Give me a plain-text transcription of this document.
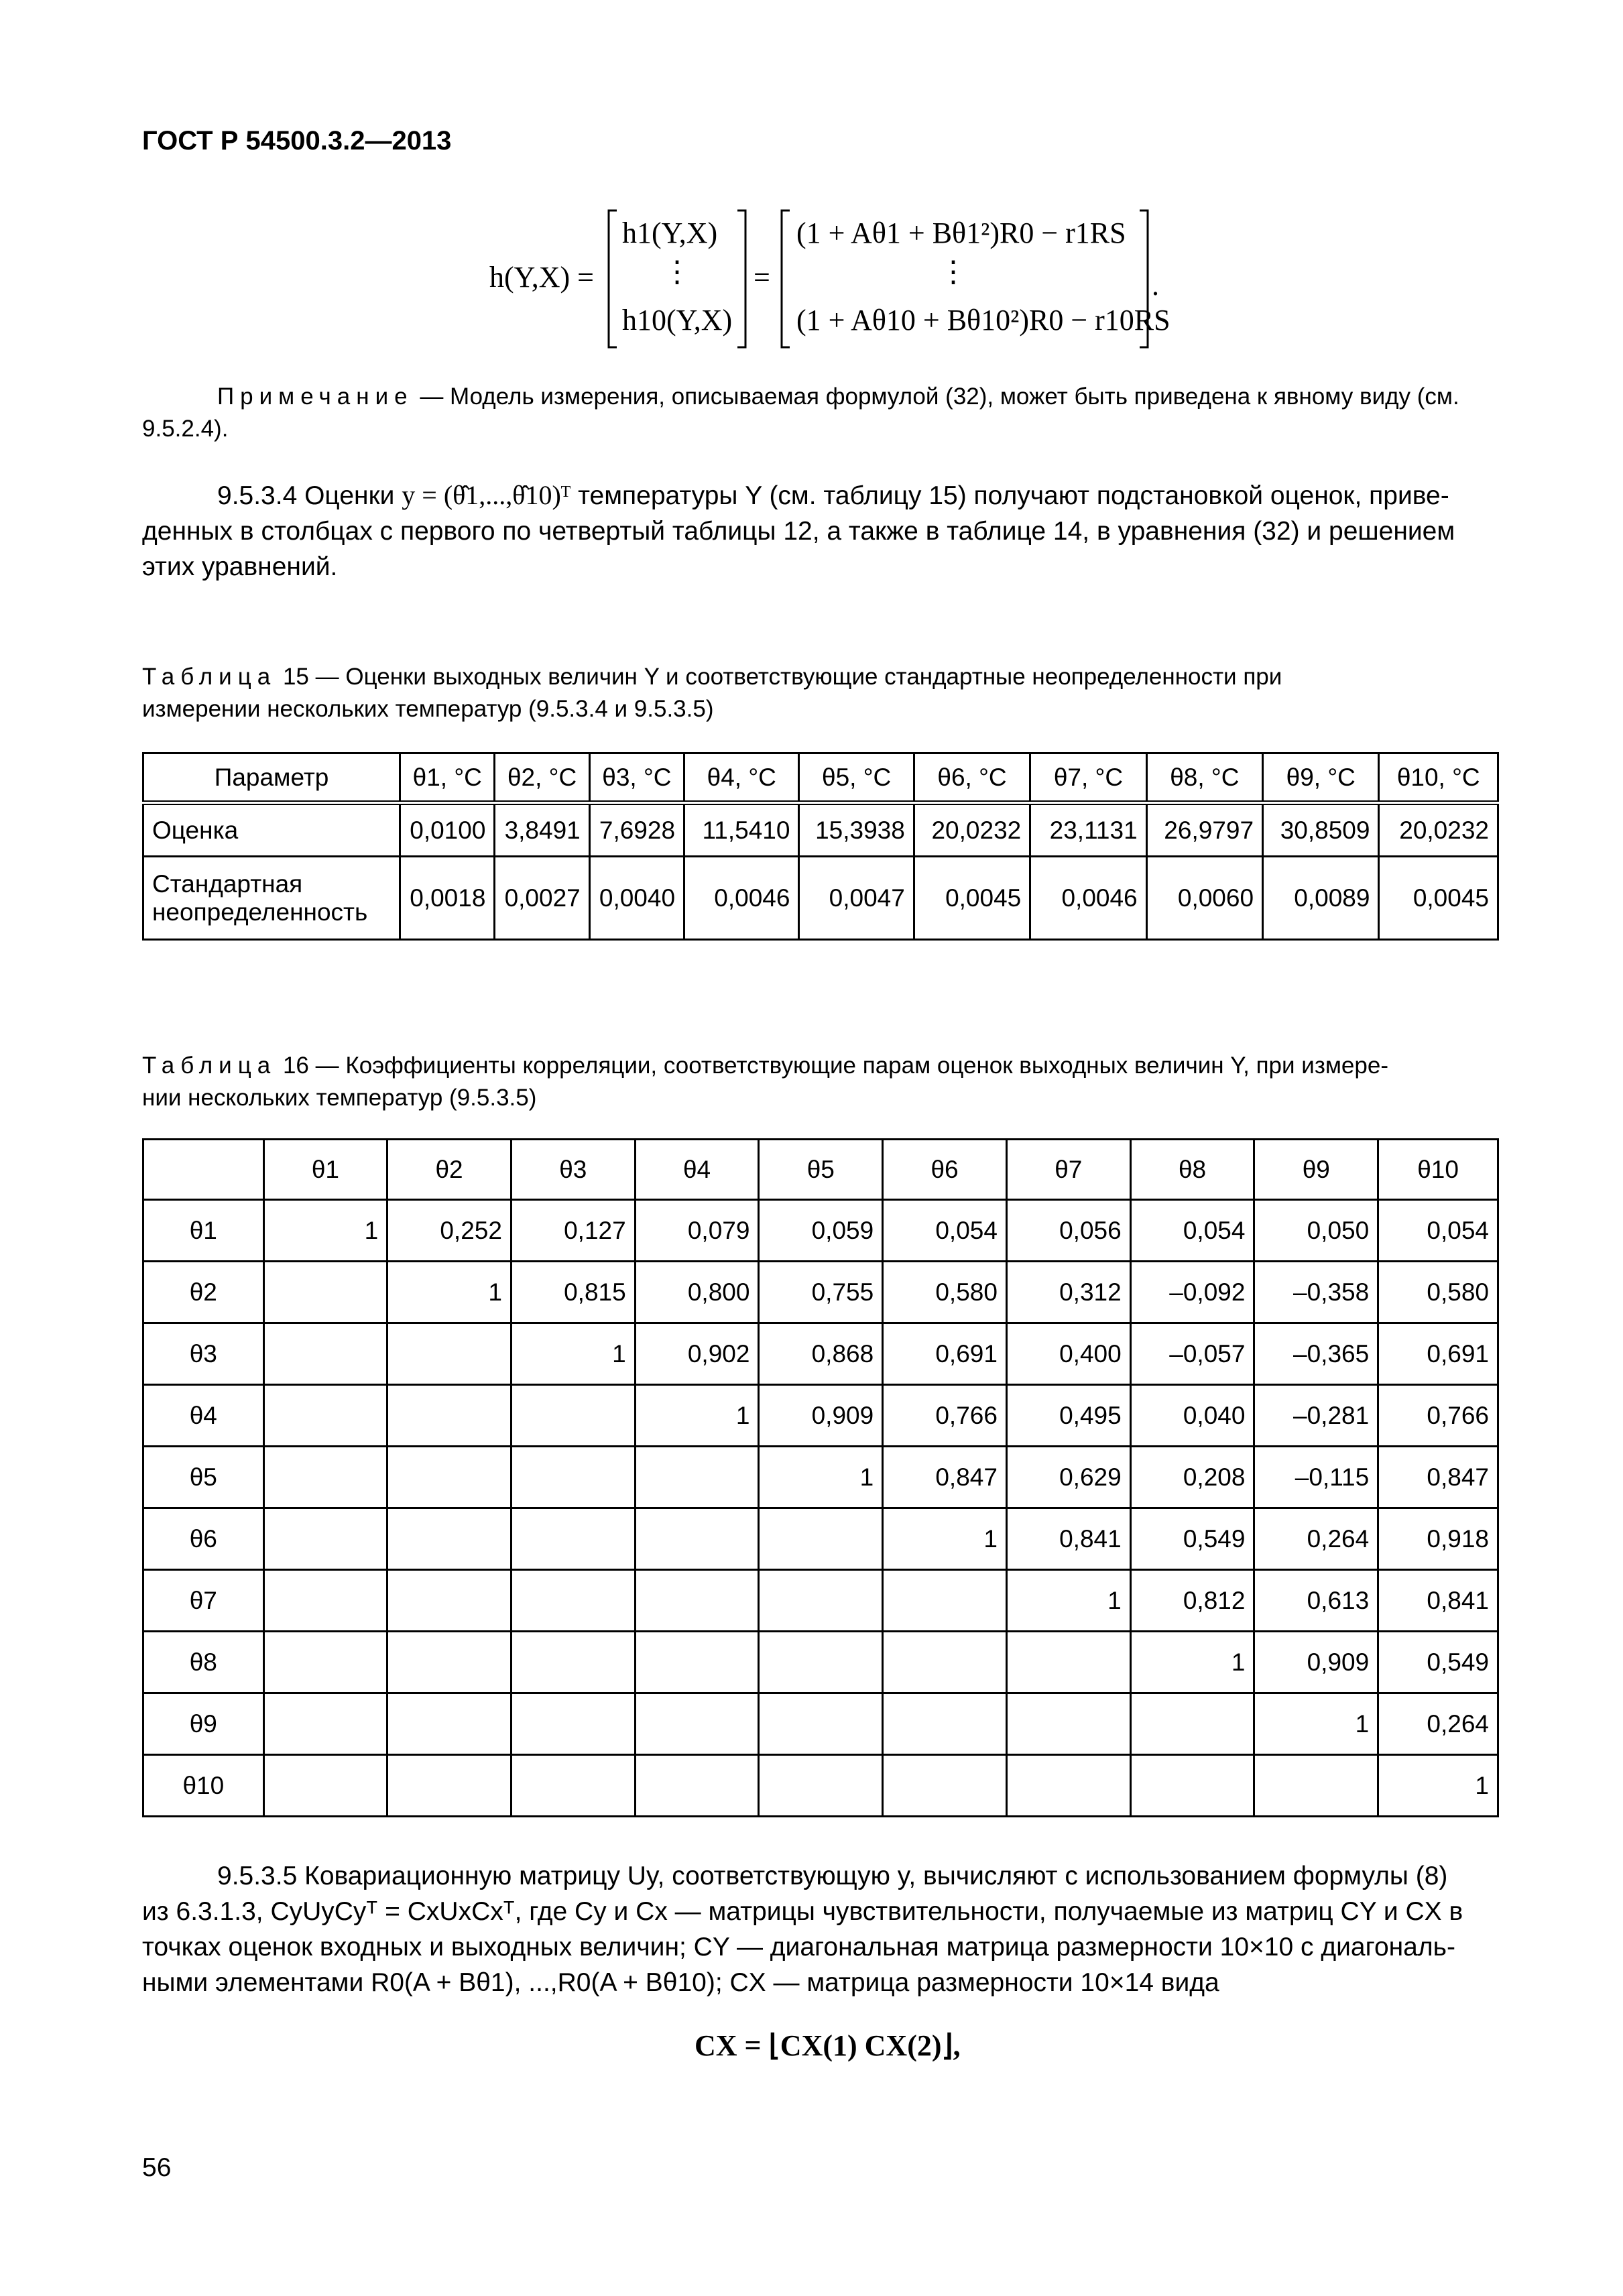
ГОСТ Р 54500.3.2—2013
h(Y,X) =
h1(Y,X)
⋮
h10(Y,X)
=
(1 + Aθ1 + Bθ1²)R0 − r1RS
⋮
(1 + Aθ10 + Bθ10²)R0 − r10RS
.
Примечание — Модель измерения, описываемая формулой (32), может быть приведена к явному виду (см. 9.5.2.4).
9.5.3.4 Оценки y = (θ̂1,...,θ̂10)ᵀ температуры Y (см. таблицу 15) получают подстановкой оценок, приве-
денных в столбцах с первого по четвертый таблицы 12, а также в таблице 14, в уравнения (32) и решением
этих уравнений.
Таблица 15 — Оценки выходных величин Y и соответствующие стандартные неопределенности при
измерении нескольких температур (9.5.3.4 и 9.5.3.5)
Параметр	θ1, °C	θ2, °C	θ3, °C	θ4, °C	θ5, °C	θ6, °C	θ7, °C	θ8, °C	θ9, °C	θ10, °C
Оценка	0,0100	3,8491	7,6928	11,5410	15,3938	20,0232	23,1131	26,9797	30,8509	20,0232
Стандартная неопределенность	0,0018	0,0027	0,0040	0,0046	0,0047	0,0045	0,0046	0,0060	0,0089	0,0045
Таблица 16 — Коэффициенты корреляции, соответствующие парам оценок выходных величин Y, при измере-
нии нескольких температур (9.5.3.5)
	θ1	θ2	θ3	θ4	θ5	θ6	θ7	θ8	θ9	θ10
θ1	1	0,252	0,127	0,079	0,059	0,054	0,056	0,054	0,050	0,054
θ2		1	0,815	0,800	0,755	0,580	0,312	–0,092	–0,358	0,580
θ3			1	0,902	0,868	0,691	0,400	–0,057	–0,365	0,691
θ4				1	0,909	0,766	0,495	0,040	–0,281	0,766
θ5					1	0,847	0,629	0,208	–0,115	0,847
θ6						1	0,841	0,549	0,264	0,918
θ7							1	0,812	0,613	0,841
θ8								1	0,909	0,549
θ9									1	0,264
θ10										1
9.5.3.5 Ковариационную матрицу Uy, соответствующую y, вычисляют с использованием формулы (8)
из 6.3.1.3, CyUyCyᵀ = CxUxCxᵀ, где Cy и Cx — матрицы чувствительности, получаемые из матриц CY и CX в
точках оценок входных и выходных величин; CY — диагональная матрица размерности 10×10 с диагональ-
ными элементами R0(A + Bθ1), ...,R0(A + Bθ10); CX — матрица размерности 10×14 вида
CX = ⌊CX(1) CX(2)⌋,
56
